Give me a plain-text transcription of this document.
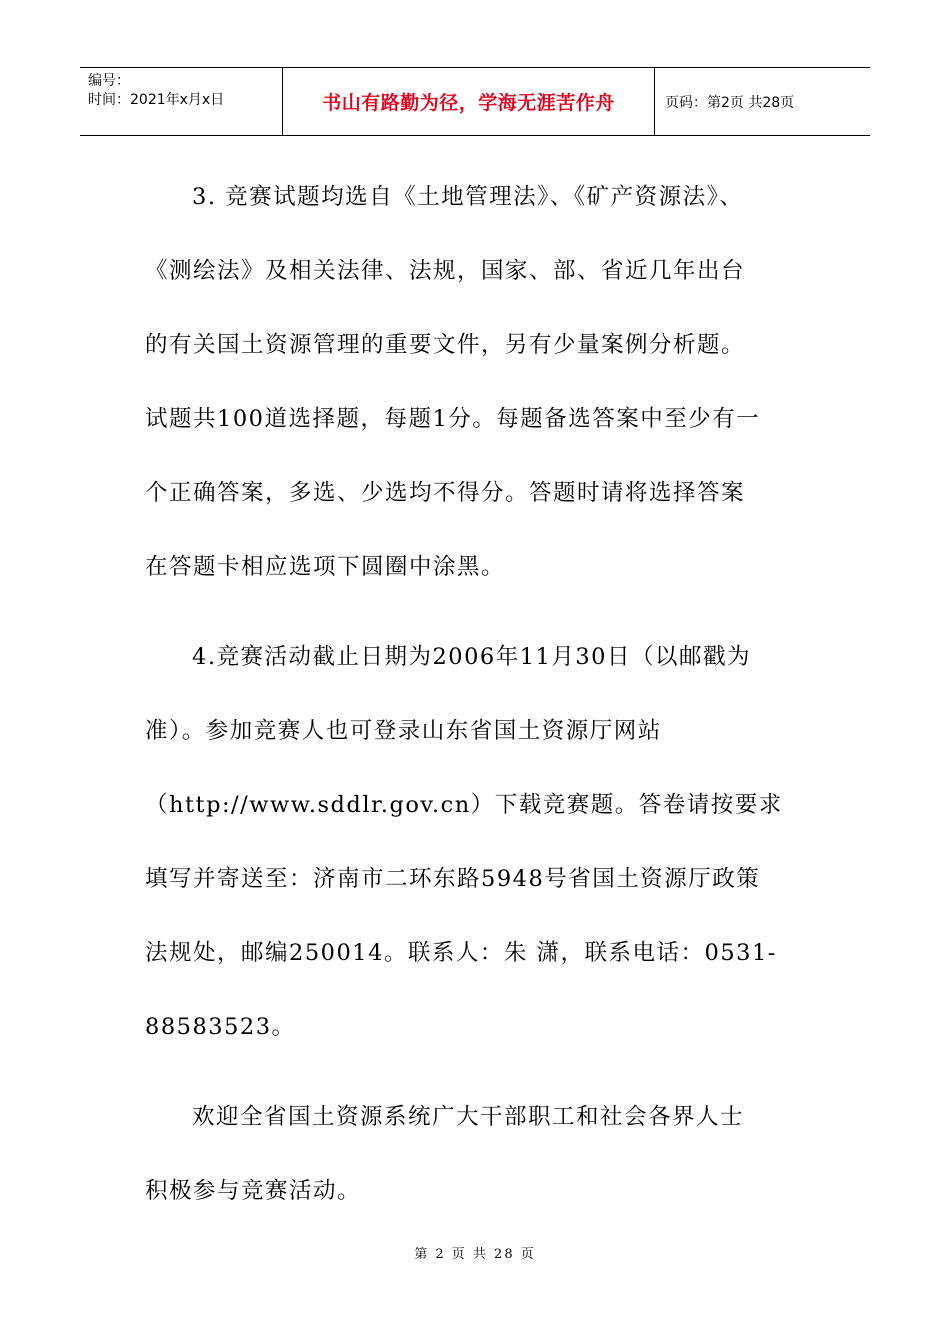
编号：
时间：2021年x月x日	书山有路勤为径，学海无涯苦作舟	页码：第2页 共28页

3. 竞赛试题均选自《土地管理法》、《矿产资源法》、
《测绘法》及相关法律、法规，国家、部、省近几年出台
的有关国土资源管理的重要文件，另有少量案例分析题。
试题共100道选择题，每题1分。每题备选答案中至少有一
个正确答案，多选、少选均不得分。答题时请将选择答案
在答题卡相应选项下圆圈中涂黑。

4.竞赛活动截止日期为2006年11月30日（以邮戳为
准）。参加竞赛人也可登录山东省国土资源厅网站
（http://www.sddlr.gov.cn）下载竞赛题。答卷请按要求
填写并寄送至：济南市二环东路5948号省国土资源厅政策
法规处，邮编250014。联系人：朱 潇，联系电话：0531-
88583523。

欢迎全省国土资源系统广大干部职工和社会各界人士
积极参与竞赛活动。

第 2 页 共 28 页
